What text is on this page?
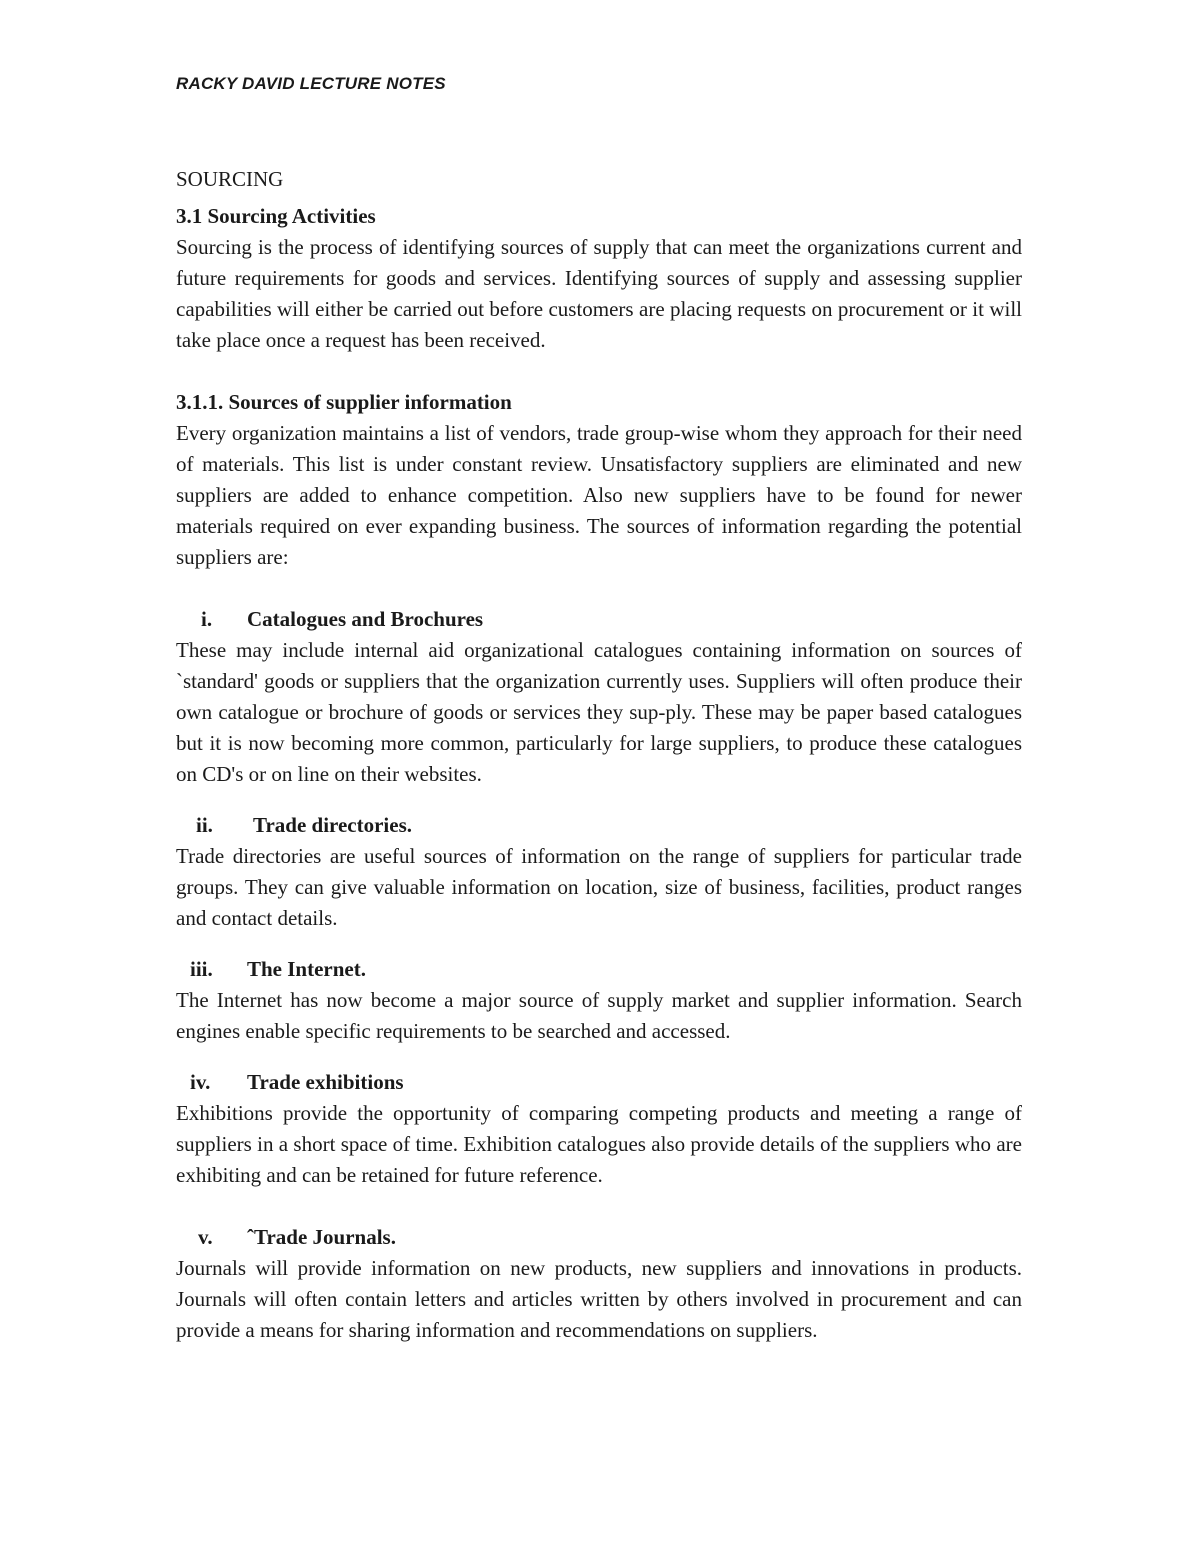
RACKY DAVID LECTURE NOTES

SOURCING

3.1 Sourcing Activities

Sourcing is the process of identifying sources of supply that can meet the organizations current and future requirements for goods and services. Identifying sources of supply and assessing supplier capabilities will either be carried out before customers are placing requests on procurement or it will take place once a request has been received.

3.1.1. Sources of supplier information

Every organization maintains a list of vendors, trade group-wise whom they approach for their need of materials. This list is under constant review. Unsatisfactory suppliers are eliminated and new suppliers are added to enhance competition. Also new suppliers have to be found for newer materials required on ever expanding business. The sources of information regarding the potential suppliers are:

i. Catalogues and Brochures

These may include internal aid organizational catalogues containing information on sources of `standard' goods or suppliers that the organization currently uses. Suppliers will often produce their own catalogue or brochure of goods or services they sup-ply. These may be paper based catalogues but it is now becoming more common, particularly for large suppliers, to produce these catalogues on CD's or on line on their websites.

ii. Trade directories.

Trade directories are useful sources of information on the range of suppliers for particular trade groups. They can give valuable information on location, size of business, facilities, product ranges and contact details.

iii. The Internet.

The Internet has now become a major source of supply market and supplier information. Search engines enable specific requirements to be searched and accessed.

iv. Trade exhibitions

Exhibitions provide the opportunity of comparing competing products and meeting a range of suppliers in a short space of time. Exhibition catalogues also provide details of the suppliers who are exhibiting and can be retained for future reference.

v. ˆTrade Journals.

Journals will provide information on new products, new suppliers and innovations in products. Journals will often contain letters and articles written by others involved in procurement and can provide a means for sharing information and recommendations on suppliers.
